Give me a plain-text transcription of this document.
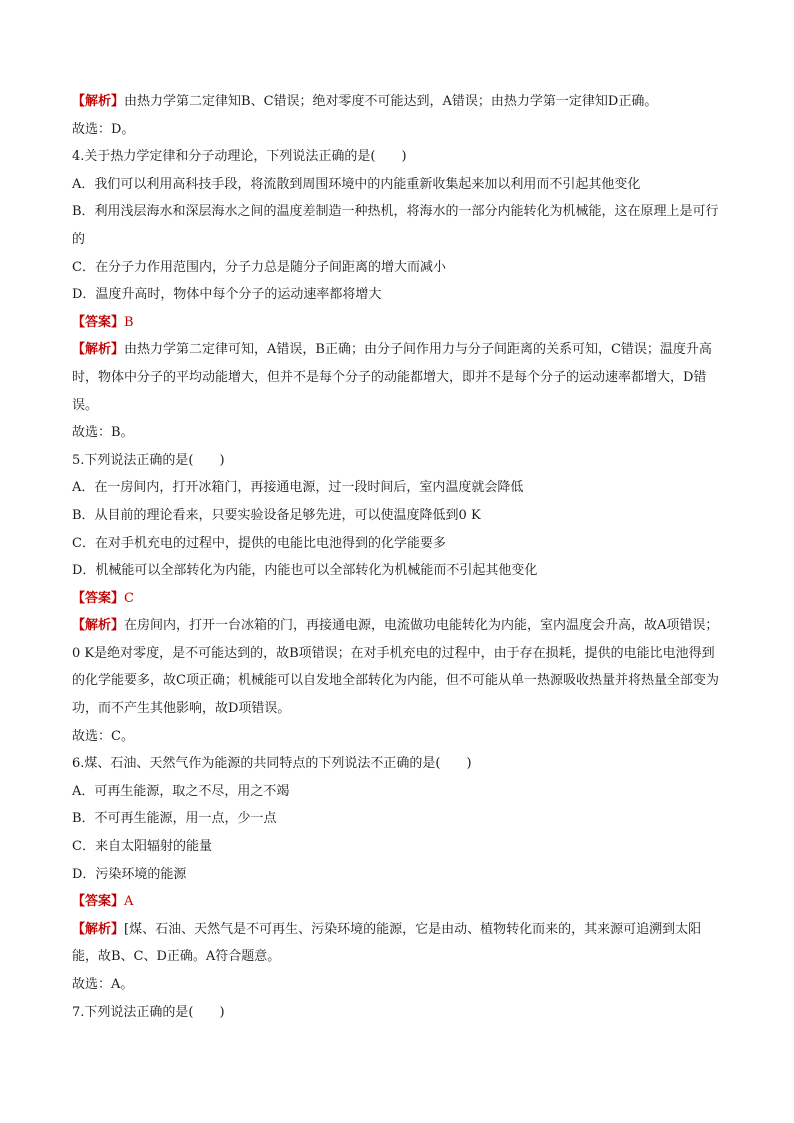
【解析】由热力学第二定律知B、C错误；绝对零度不可能达到，A错误；由热力学第一定律知D正确。
故选：D。
4.关于热力学定律和分子动理论，下列说法正确的是(　　)
A．我们可以利用高科技手段，将流散到周围环境中的内能重新收集起来加以利用而不引起其他变化
B．利用浅层海水和深层海水之间的温度差制造一种热机，将海水的一部分内能转化为机械能，这在原理上是可行的
C．在分子力作用范围内，分子力总是随分子间距离的增大而减小
D．温度升高时，物体中每个分子的运动速率都将增大
【答案】B
【解析】由热力学第二定律可知，A错误，B正确；由分子间作用力与分子间距离的关系可知，C错误；温度升高时，物体中分子的平均动能增大，但并不是每个分子的动能都增大，即并不是每个分子的运动速率都增大，D错误。
故选：B。
5.下列说法正确的是(　　)
A．在一房间内，打开冰箱门，再接通电源，过一段时间后，室内温度就会降低
B．从目前的理论看来，只要实验设备足够先进，可以使温度降低到0 K
C．在对手机充电的过程中，提供的电能比电池得到的化学能要多
D．机械能可以全部转化为内能，内能也可以全部转化为机械能而不引起其他变化
【答案】C
【解析】在房间内，打开一台冰箱的门，再接通电源，电流做功电能转化为内能，室内温度会升高，故A项错误；0 K是绝对零度，是不可能达到的，故B项错误；在对手机充电的过程中，由于存在损耗，提供的电能比电池得到的化学能要多，故C项正确；机械能可以自发地全部转化为内能，但不可能从单一热源吸收热量并将热量全部变为功，而不产生其他影响，故D项错误。
故选：C。
6.煤、石油、天然气作为能源的共同特点的下列说法不正确的是(　　)
A．可再生能源，取之不尽，用之不竭
B．不可再生能源，用一点，少一点
C．来自太阳辐射的能量
D．污染环境的能源
【答案】A
【解析】[煤、石油、天然气是不可再生、污染环境的能源，它是由动、植物转化而来的，其来源可追溯到太阳能，故B、C、D正确。A符合题意。
故选：A。
7.下列说法正确的是(　　)
